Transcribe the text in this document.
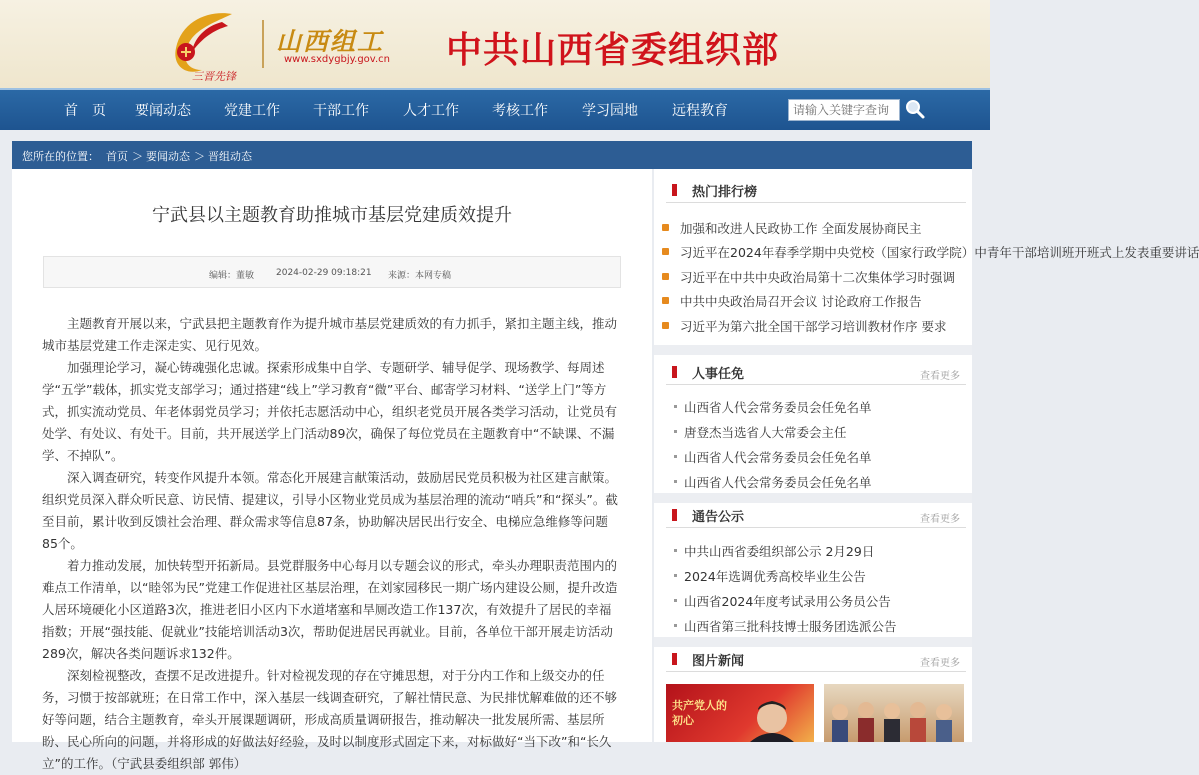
三晋先锋
山西组工
www.sxdygbjy.gov.cn 中共山西省委组织部
首　页 要闻动态 党建工作 干部工作 人才工作 考核工作 学习园地 远程教育
请输入关键字查询
您所在的位置： 首页 ＞ 要闻动态 ＞ 晋组动态
宁武县以主题教育助推城市基层党建质效提升
编辑：董敏 2024-02-29 09:18:21 来源：本网专稿

主题教育开展以来，宁武县把主题教育作为提升城市基层党建质效的有力抓手，紧扣主题主线，推动城市基层党建工作走深走实、见行见效。

加强理论学习，凝心铸魂强化忠诚。探索形成集中自学、专题研学、辅导促学、现场教学、每周述学“五学”载体，抓实党支部学习；通过搭建“线上”学习教育“微”平台、邮寄学习材料、“送学上门”等方式，抓实流动党员、年老体弱党员学习；并依托志愿活动中心，组织老党员开展各类学习活动，让党员有处学、有处议、有处干。目前，共开展送学上门活动89次，确保了每位党员在主题教育中“不缺课、不漏学、不掉队”。

深入调查研究，转变作风提升本领。常态化开展建言献策活动，鼓励居民党员积极为社区建言献策。组织党员深入群众听民意、访民情、提建议，引导小区物业党员成为基层治理的流动“哨兵”和“探头”。截至目前，累计收到反馈社会治理、群众需求等信息87条，协助解决居民出行安全、电梯应急维修等问题85个。

着力推动发展，加快转型开拓新局。县党群服务中心每月以专题会议的形式，牵头办理职责范围内的难点工作清单，以“睦邻为民”党建工作促进社区基层治理，在刘家园移民一期广场内建设公厕，提升改造人居环境硬化小区道路3次，推进老旧小区内下水道堵塞和旱厕改造工作137次，有效提升了居民的幸福指数；开展“强技能、促就业”技能培训活动3次，帮助促进居民再就业。目前，各单位干部开展走访活动289次，解决各类问题诉求132件。

深刻检视整改，查摆不足改进提升。针对检视发现的存在守摊思想，对于分内工作和上级交办的任务，习惯于按部就班；在日常工作中，深入基层一线调查研究，了解社情民意、为民排忧解难做的还不够好等问题，结合主题教育，牵头开展课题调研，形成高质量调研报告，推动解决一批发展所需、基层所盼、民心所向的问题，并将形成的好做法好经验，及时以制度形式固定下来，对标做好“当下改”和“长久立”的工作。（宁武县委组织部 郭伟）

热门排行榜
加强和改进人民政协工作 全面发展协商民主
习近平在2024年春季学期中央党校（国家行政学院）中青年干部培训班开班式上发表重要讲话
习近平在中共中央政治局第十二次集体学习时强调
中共中央政治局召开会议 讨论政府工作报告
习近平为第六批全国干部学习培训教材作序 要求
人事任免	查看更多
山西省人代会常务委员会任免名单
唐登杰当选省人大常委会主任
山西省人代会常务委员会任免名单
山西省人代会常务委员会任免名单
通告公示	查看更多
中共山西省委组织部公示 2月29日
2024年选调优秀高校毕业生公告
山西省2024年度考试录用公务员公告
山西省第三批科技博士服务团选派公告
图片新闻	查看更多
共产党人的初心
